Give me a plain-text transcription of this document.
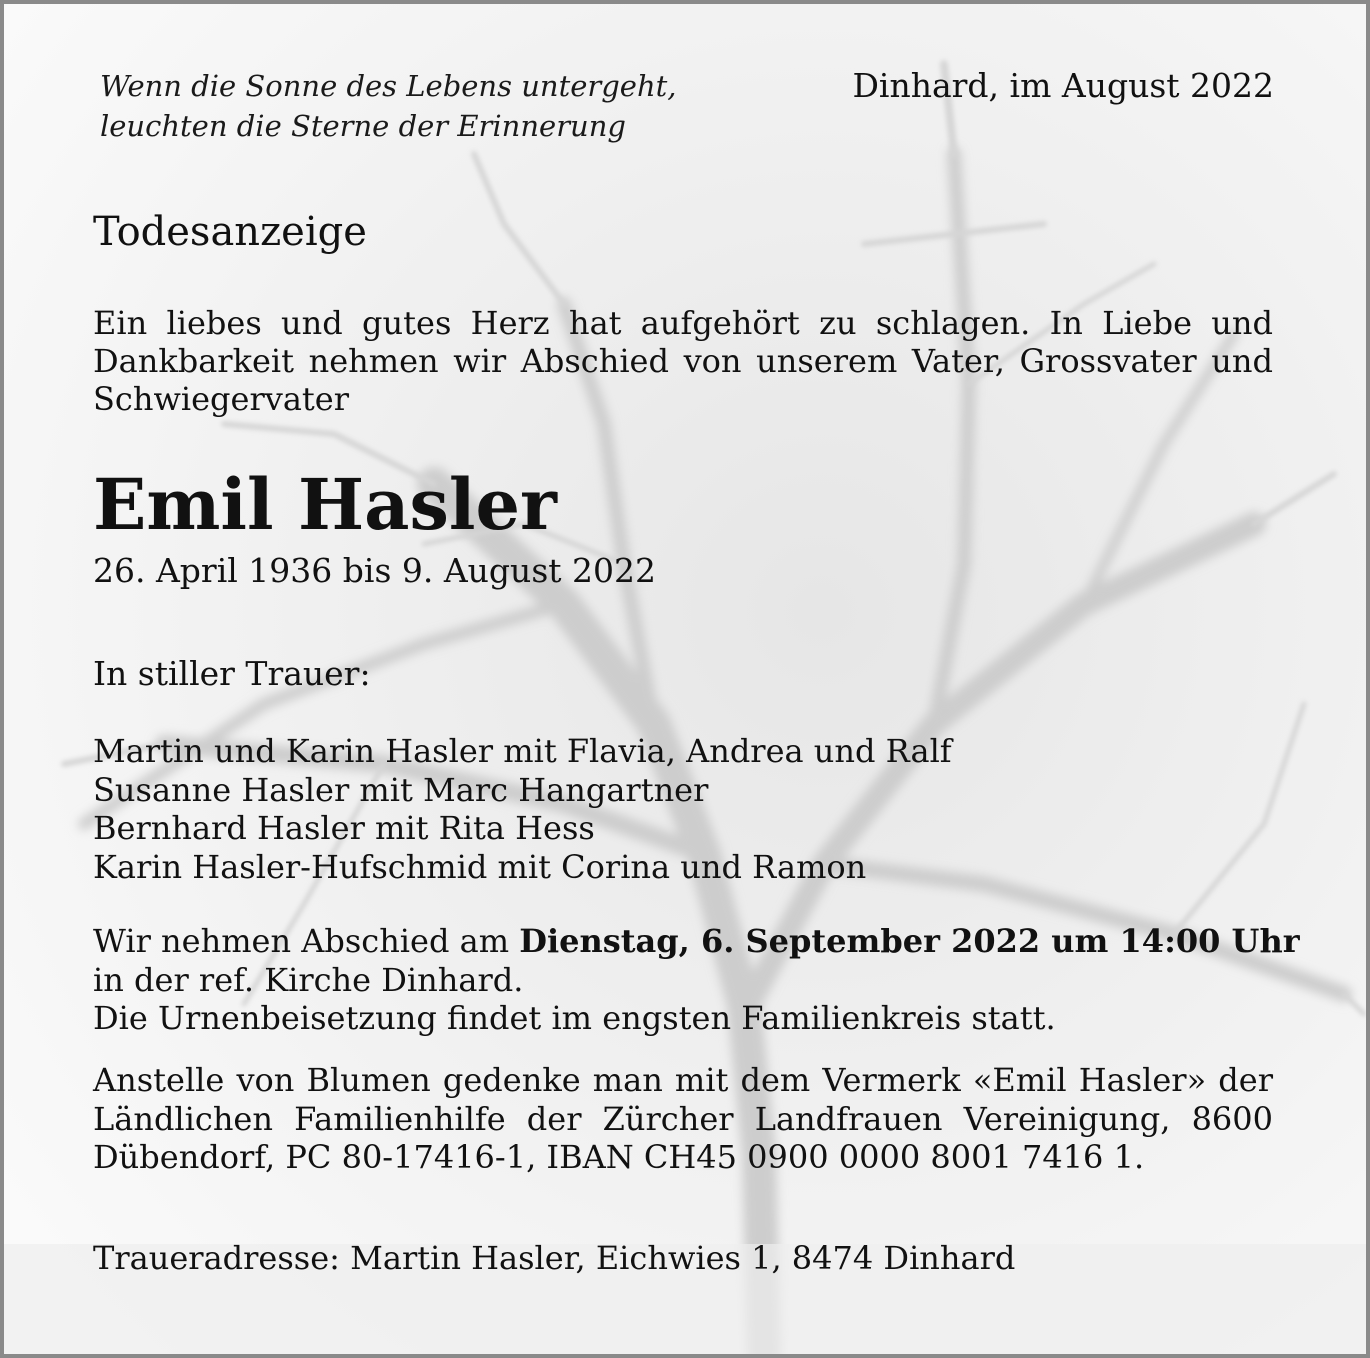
Wenn die Sonne des Lebens untergeht,
leuchten die Sterne der Erinnerung
Dinhard, im August 2022
Todesanzeige

Ein liebes und gutes Herz hat aufgehört zu schlagen. In Liebe und Dankbarkeit nehmen wir Abschied von unserem Vater, Grossvater und Schwiegervater

Emil Hasler
26. April 1936 bis 9. August 2022
In stiller Trauer:
Martin und Karin Hasler mit Flavia, Andrea und Ralf
Susanne Hasler mit Marc Hangartner
Bernhard Hasler mit Rita Hess
Karin Hasler-Hufschmid mit Corina und Ramon
Wir nehmen Abschied am Dienstag, 6. September 2022 um 14:00 Uhr
in der ref. Kirche Dinhard.
Die Urnenbeisetzung findet im engsten Familienkreis statt.

Anstelle von Blumen gedenke man mit dem Vermerk «Emil Hasler» der Ländlichen Familienhilfe der Zürcher Landfrauen Vereinigung, 8600 Dübendorf, PC 80-17416-1, IBAN CH45 0900 0000 8001 7416 1.

Traueradresse: Martin Hasler, Eichwies 1, 8474 Dinhard
